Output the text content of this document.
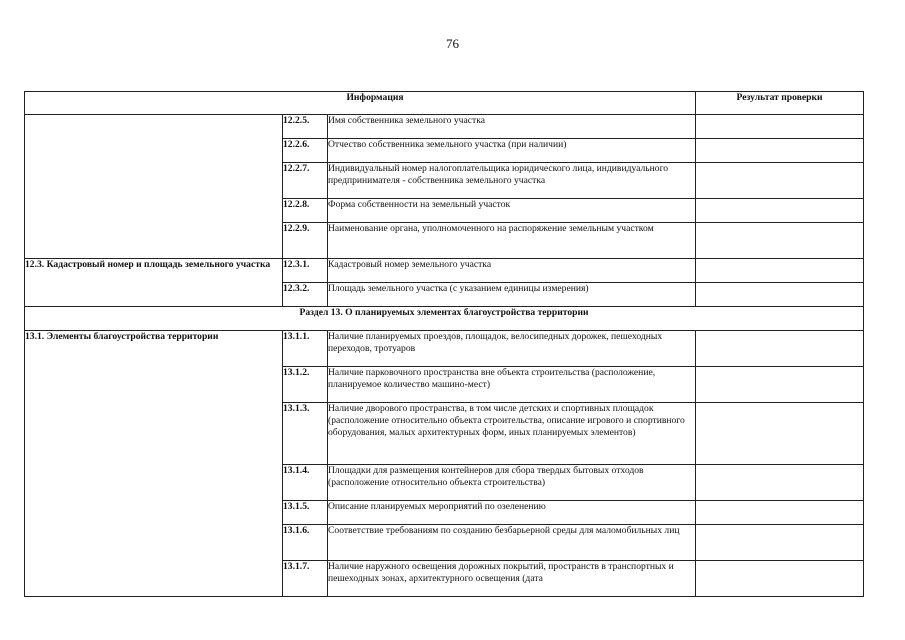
76
Информация			Результат проверки
	12.2.5.	Имя собственника земельного участка	
	12.2.6.	Отчество собственника земельного участка (при наличии)	
	12.2.7.	Индивидуальный номер налогоплательщика юридического лица, индивидуального предпринимателя - собственника земельного участка	
	12.2.8.	Форма собственности на земельный участок	
	12.2.9.	Наименование органа, уполномоченного на распоряжение земельным участком	
12.3. Кадастровый номер и площадь земельного участка	12.3.1.	Кадастровый номер земельного участка	
	12.3.2.	Площадь земельного участка (с указанием единицы измерения)	
Раздел 13. О планируемых элементах благоустройства территории			
13.1. Элементы благоустройства территории	13.1.1.	Наличие планируемых проездов, площадок, велосипедных дорожек, пешеходных переходов, тротуаров	
	13.1.2.	Наличие парковочного пространства вне объекта строительства (расположение, планируемое количество машино-мест)	
	13.1.3.	Наличие дворового пространства, в том числе детских и спортивных площадок (расположение относительно объекта строительства, описание игрового и спортивного оборудования, малых архитектурных форм, иных планируемых элементов)	
	13.1.4.	Площадки для размещения контейнеров для сбора твердых бытовых отходов (расположение относительно объекта строительства)	
	13.1.5.	Описание планируемых мероприятий по озеленению	
	13.1.6.	Соответствие требованиям по созданию безбарьерной среды для маломобильных лиц	
	13.1.7.	Наличие наружного освещения дорожных покрытий, пространств в транспортных и пешеходных зонах, архитектурного освещения (дата	
